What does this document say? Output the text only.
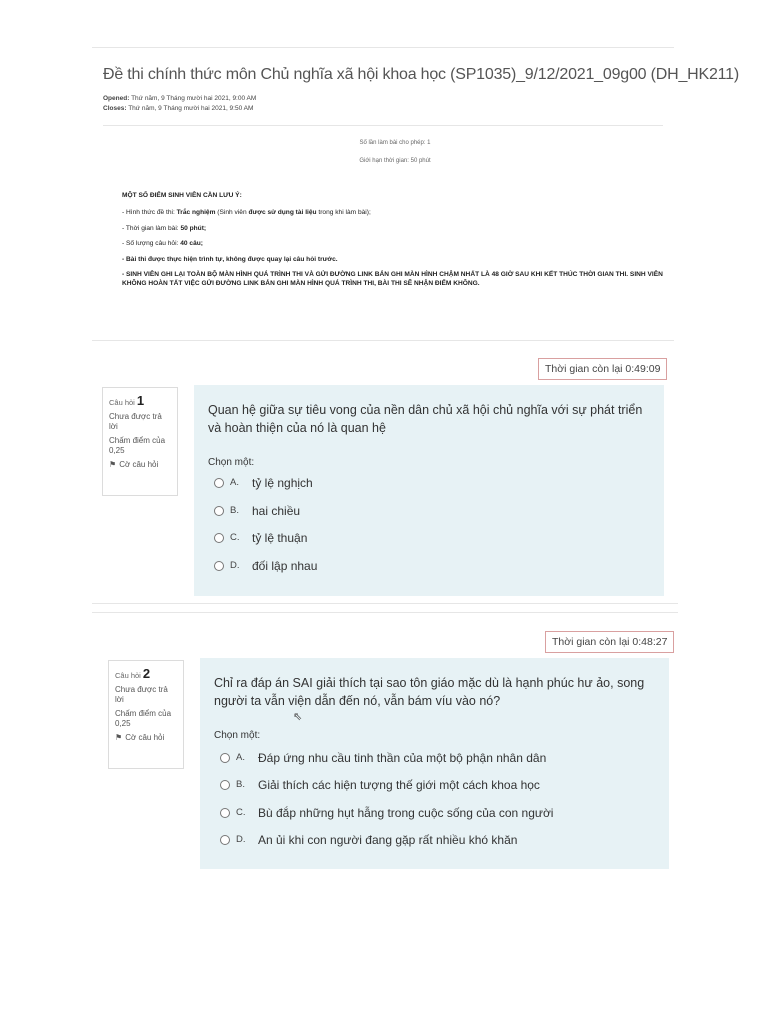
Đề thi chính thức môn Chủ nghĩa xã hội khoa học (SP1035)_9/12/2021_09g00 (DH_HK211)
Opened: Thứ năm, 9 Tháng mười hai 2021, 9:00 AM
Closes: Thứ năm, 9 Tháng mười hai 2021, 9:50 AM
Số lần làm bài cho phép: 1
Giới hạn thời gian: 50 phút
MỘT SỐ ĐIỂM SINH VIÊN CẦN LƯU Ý:
- Hình thức đề thi: Trắc nghiệm (Sinh viên được sử dụng tài liệu trong khi làm bài);
- Thời gian làm bài: 50 phút;
- Số lượng câu hỏi: 40 câu;
- Bài thi được thực hiện trình tự, không được quay lại câu hỏi trước.
- SINH VIÊN GHI LẠI TOÀN BỘ MÀN HÌNH QUÁ TRÌNH THI VÀ GỬI ĐƯỜNG LINK BẢN GHI MÀN HÌNH CHẬM NHẤT LÀ 48 GIỜ SAU KHI KẾT THÚC THỜI GIAN THI. SINH VIÊN KHÔNG HOÀN TẤT VIỆC GỬI ĐƯỜNG LINK BẢN GHI MÀN HÌNH QUÁ TRÌNH THI, BÀI THI SẼ NHẬN ĐIỂM KHÔNG.
Thời gian còn lại 0:49:09
Câu hỏi 1
Chưa được trả lời
Chấm điểm của 0,25
⚑ Cờ câu hỏi
Quan hệ giữa sự tiêu vong của nền dân chủ xã hội chủ nghĩa với sự phát triển và hoàn thiện của nó là quan hệ
Chọn một:
A. tỷ lệ nghịch
B. hai chiều
C. tỷ lệ thuận
D. đối lập nhau
Thời gian còn lại 0:48:27
Câu hỏi 2
Chưa được trả lời
Chấm điểm của 0,25
⚑ Cờ câu hỏi
Chỉ ra đáp án SAI giải thích tại sao tôn giáo mặc dù là hạnh phúc hư ảo, song người ta vẫn viện dẫn đến nó, vẫn bám víu vào nó?
Chọn một:
A. Đáp ứng nhu cầu tinh thần của một bộ phận nhân dân
B. Giải thích các hiện tượng thế giới một cách khoa học
C. Bù đắp những hụt hẫng trong cuộc sống của con người
D. An ủi khi con người đang gặp rất nhiều khó khăn
⇖
